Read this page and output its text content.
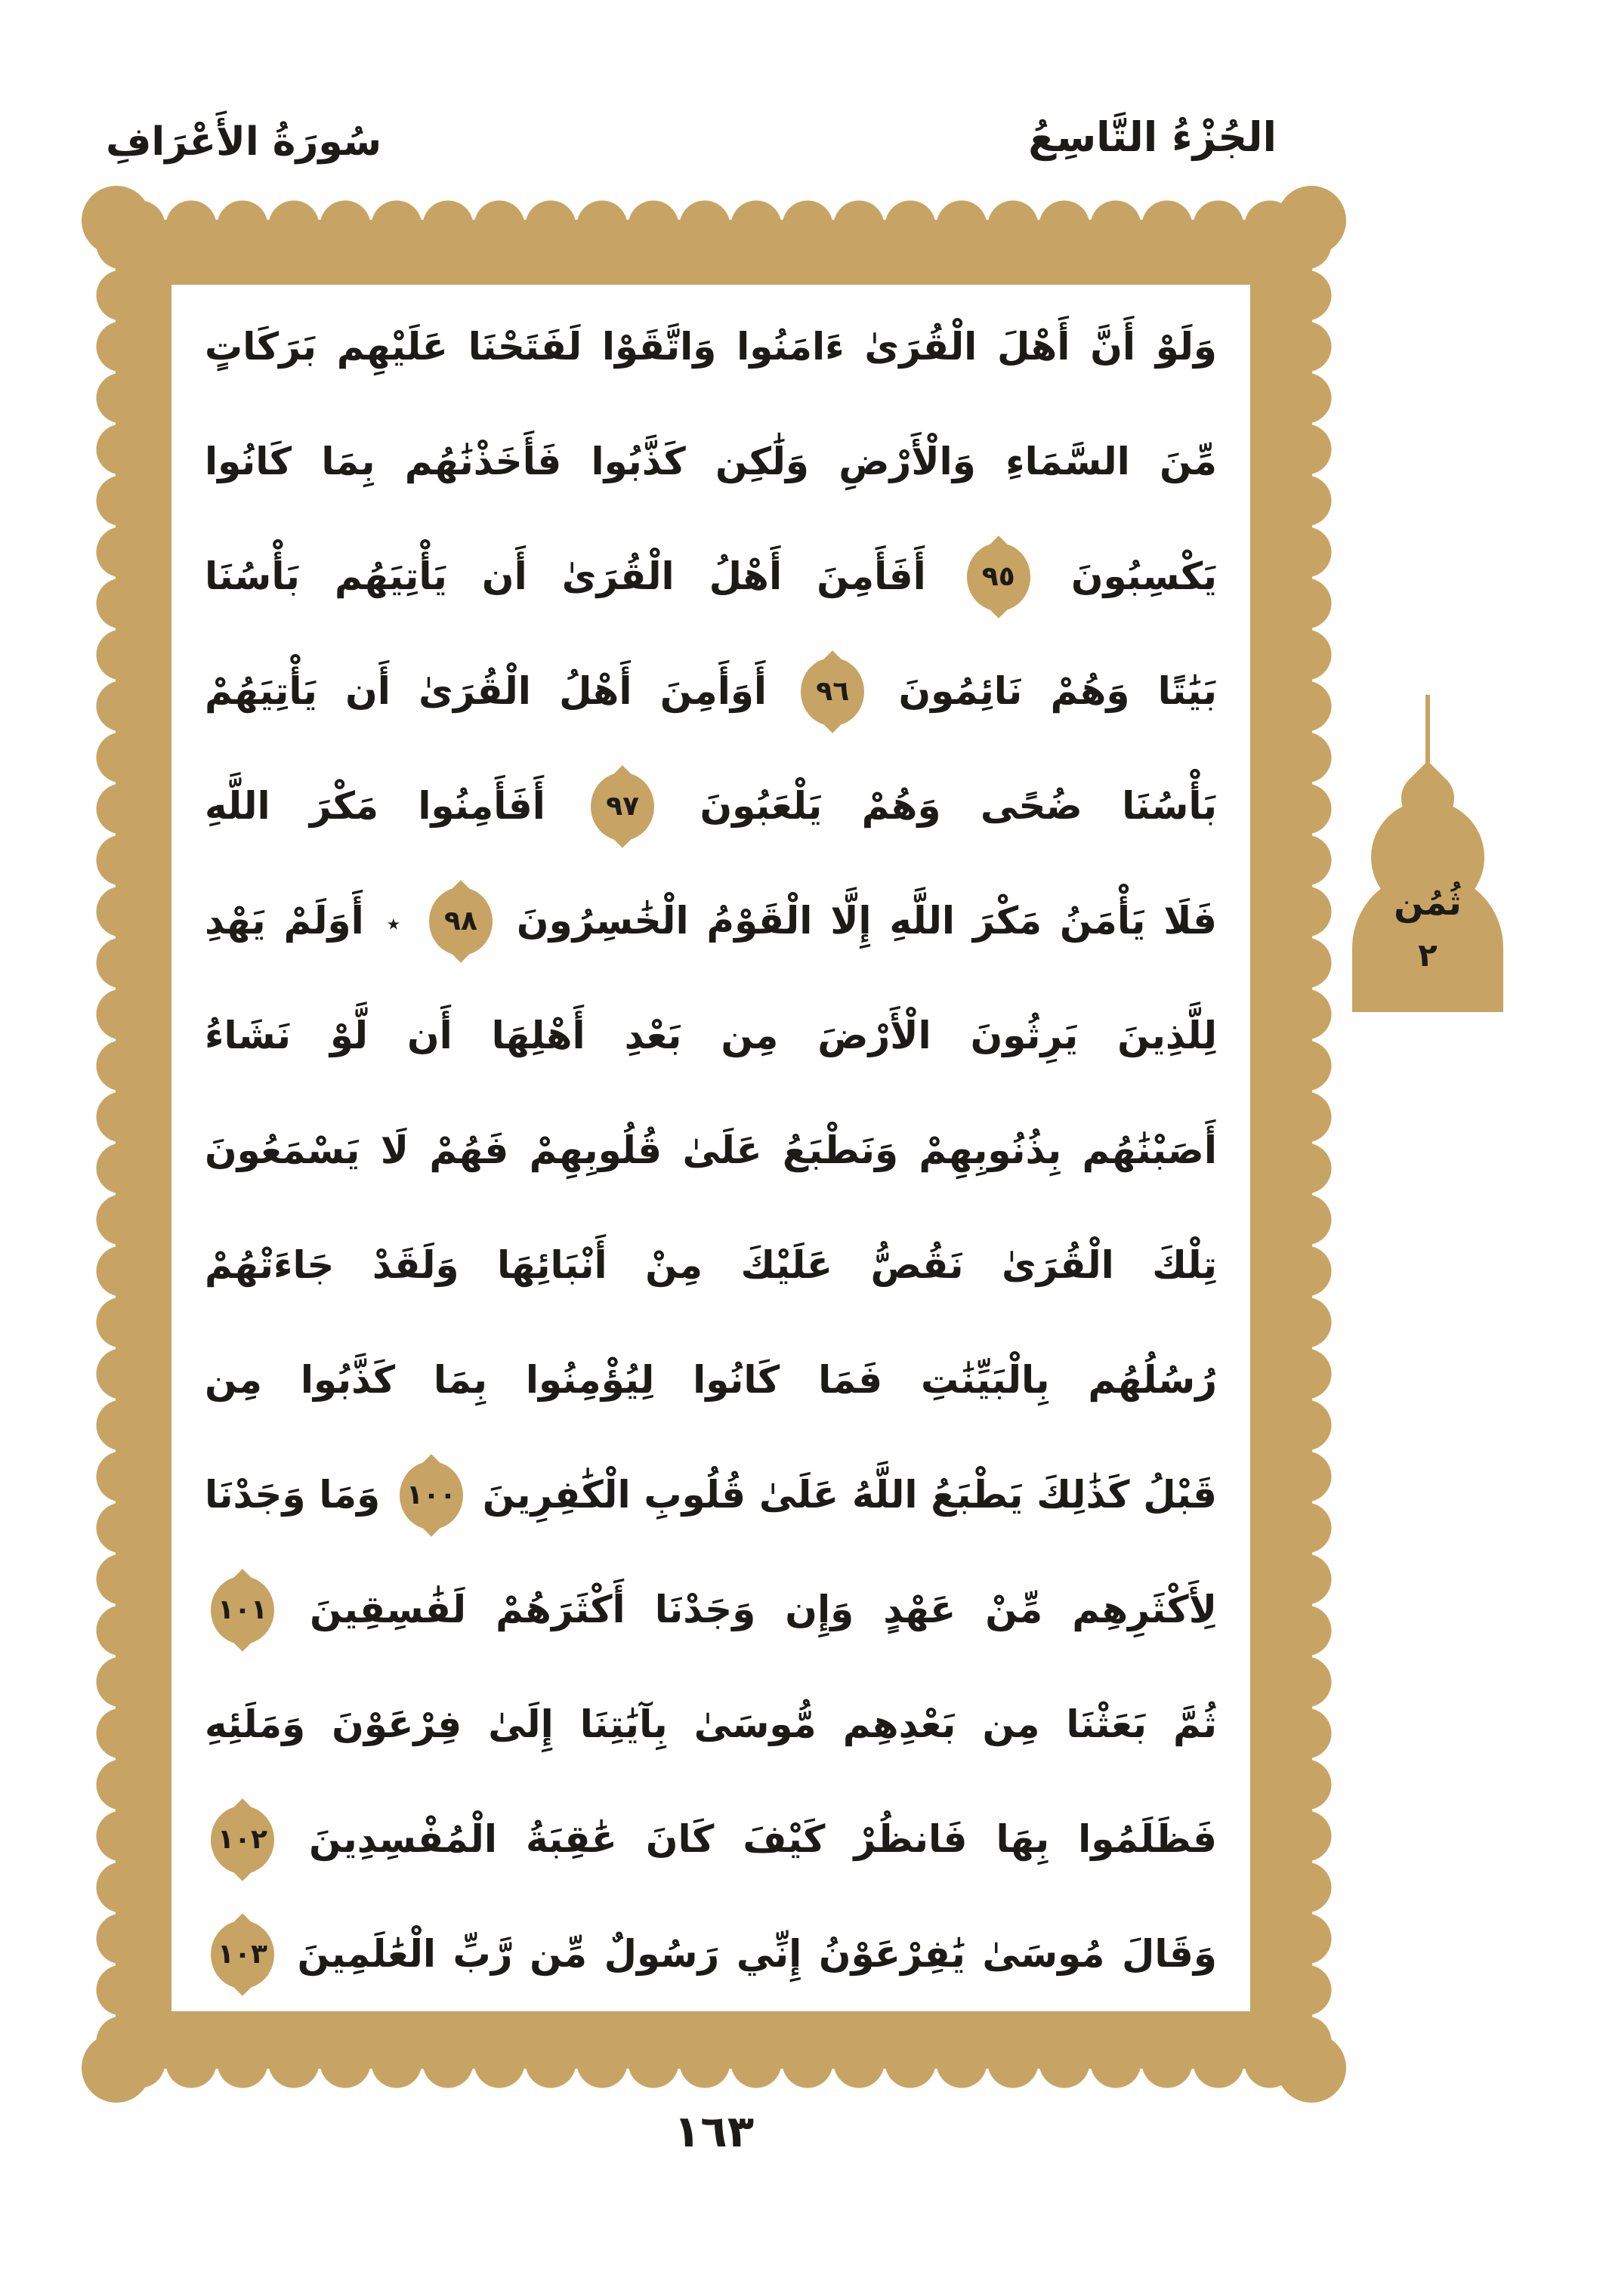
سُورَةُ الأَعْرَافِ	الجُزْءُ التَّاسِعُ
وَلَوْ أَنَّ أَهْلَ الْقُرَىٰ ءَامَنُوا وَاتَّقَوْا لَفَتَحْنَا عَلَيْهِم بَرَكَاتٍ
مِّنَ السَّمَاءِ وَالْأَرْضِ وَلَٰكِن كَذَّبُوا فَأَخَذْنَٰهُم بِمَا كَانُوا
يَكْسِبُونَ ٩٥ أَفَأَمِنَ أَهْلُ الْقُرَىٰ أَن يَأْتِيَهُم بَأْسُنَا
بَيَٰتًا وَهُمْ نَائِمُونَ ٩٦ أَوَأَمِنَ أَهْلُ الْقُرَىٰ أَن يَأْتِيَهُمْ
بَأْسُنَا ضُحًى وَهُمْ يَلْعَبُونَ ٩٧ أَفَأَمِنُوا مَكْرَ اللَّهِ
فَلَا يَأْمَنُ مَكْرَ اللَّهِ إِلَّا الْقَوْمُ الْخَٰسِرُونَ ٩٨ ٭ أَوَلَمْ يَهْدِ
لِلَّذِينَ يَرِثُونَ الْأَرْضَ مِن بَعْدِ أَهْلِهَا أَن لَّوْ نَشَاءُ
أَصَبْنَٰهُم بِذُنُوبِهِمْ وَنَطْبَعُ عَلَىٰ قُلُوبِهِمْ فَهُمْ لَا يَسْمَعُونَ
تِلْكَ الْقُرَىٰ نَقُصُّ عَلَيْكَ مِنْ أَنْبَائِهَا وَلَقَدْ جَاءَتْهُمْ
رُسُلُهُم بِالْبَيِّنَٰتِ فَمَا كَانُوا لِيُؤْمِنُوا بِمَا كَذَّبُوا مِن
قَبْلُ كَذَٰلِكَ يَطْبَعُ اللَّهُ عَلَىٰ قُلُوبِ الْكَٰفِرِينَ ١٠٠ وَمَا وَجَدْنَا
لِأَكْثَرِهِم مِّنْ عَهْدٍ وَإِن وَجَدْنَا أَكْثَرَهُمْ لَفَٰسِقِينَ ١٠١
ثُمَّ بَعَثْنَا مِن بَعْدِهِم مُّوسَىٰ بِآيَٰتِنَا إِلَىٰ فِرْعَوْنَ وَمَلَئِهِ
فَظَلَمُوا بِهَا فَانظُرْ كَيْفَ كَانَ عَٰقِبَةُ الْمُفْسِدِينَ ١٠٢
وَقَالَ مُوسَىٰ يَٰفِرْعَوْنُ إِنِّي رَسُولٌ مِّن رَّبِّ الْعَٰلَمِينَ ١٠٣
ثُمُن
٢
١٦٣
